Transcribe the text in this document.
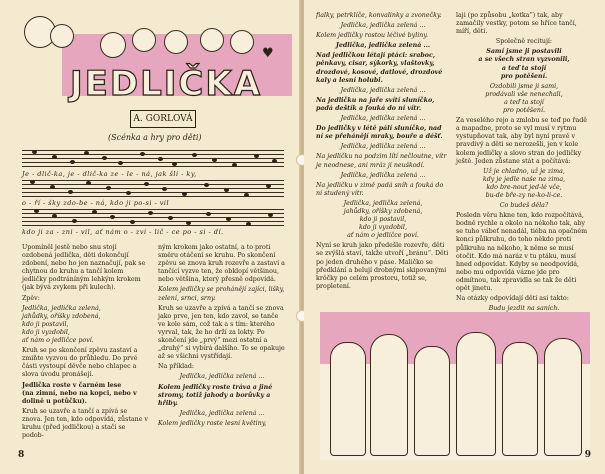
JEDLIČKA
♥
A. GORLOVÁ
(Scénka a hry pro děti)
Je - dlič-ka, je - dlič-ka ze - le - ná, jak šli - ky,
o - ří - šky zdo-be - ná, kdo ji po-si - vil
kdo ji za - zni - vil, ať nám o - zvi - lič - ce po - si - dí.

Upomíněl jestě nebo snu stojí ozdobená jedlička, děti dokončují zdobení, nebo ho jen naznačují, pak se chytnou do kruhu a tančí kolem jedličky podtráníným lehkým krokem (jak bývá zvykem při kulech).

Zpěv:

Jedlička, jedlička zelená,
jahůdky, oříšky zdobená,
kdo ji postavil,
kdo ji vyzdobil,
ať nám o jedličce poví.

Kruh se po skončení zpěvu zastaví a zmiňte vyzvou do průhledu. Do prvé části vystoupí děvče nebo chlapec a slova úvodu pronášejí.

Jedlička roste v čarném lese
(na zimní, nebo na kopci, nebo v dolině u potůčku).

Kruh se uzavře a tančí a zpívá se znova. Jen ten, kdo odpovídá, zůstane v kruhu (před jedličkou) a stačí se podob-

ným krokem jako ostatní, a to proti směru otáčení se kruhu. Po skončení zpěvu se znova kruh rozevře a zastaví a tančící vyzve ten, že obklopí většinou, nebo většina, který přesně odpovídá.

Kolem jedličky se prohánějí zajíci, lišky, zelení, srnci, srny.

Kruh se uzavře a zpívá a tančí se znova jako prve, jen ten, kdo zavol, se tanče ve kole sám, což tak a s tím: kterého vyrval, tak, že ho drží za lokty. Po skončení jde „prvý“ mezi ostatní a „druhý“ si vybírá dalšího. To se opakuje až se všichni vystřídají.

Na příklad:

Jedlička, jedlička zelená ...

Kolem jedličky roste tráva a jiné stromy, totiž jahody a borůvky a hřiby.

Jedlička, jedlička zelená ...

Kolem jedličky roste lesní květiny,

8

fialky, petrklíče, konvalinky a zvonečky.

Jedlička, jedlička zelená ...

Kolem jedličky rostou léčivé byliny.

Jedlička, jedlička zelená ...

Nad jedličkou létají ptáci: sraboc, pěnkavy, cisar, sýkorky, vlaštovky, drozdové, kosové, datlové, drozdové kaly a lesní holubi.

Jedlička, jedlička zelená ...

Na jedličku na jaře svítí sluníčko, padá deštík a fouká do ní vítr.

Jedlička, jedlička zelená ...

Do jedličky v létě pálí sluníčko, nad ní se přehánějí mraky, bouře a déšť.

Jedlička, jedlička zelená ...

Na jedličku na podzim lítí nečloutne, vítr je neodnese, ani mráz ji neuškodí.

Jedlička, jedlička zelená ...

Na jedličku v zimě padá sníh a fouká do ní studený vítr.

Jedlička, jedlička zelená,
jahůdky, oříšky zdobená,
kdo ji postavil,
kdo ji vyzdobil,
ať nám o jedličce poví.

Nyní se kruh jako předešle rozevře, děti se zvýšlá staví, takže utvoří „bránu“. Děti po jeden druhého v páse. Maličko se předklání a belují drobnými skipovanými krôčky po celém prostoru, totiž se, propletení.

laji (po způsobu „kotka“) tak, aby zamačily vestky, potom se hříce tančí, míří, děti.

Společně recitují:

Samí jsme ji postavili
a se všech stran vyzvonili,
a teď ta stojí
pro potěšení.

Ozdobili jsme ji sami,
prodávali vše nenechali,
a teď ta stojí
pro potěšení.

Za veselého rejo a zmlobu se teď po řadě a mapadne, proto se vyl musí v rytmu vystupňovat tak, aby byl nyní pravě v pravdivý a děti se nerozešli, jen v kole kolem jedličky a slovo stran do jedličky ještě. Jeden zůstane stát a počítává:

Už je chladno, už je zima,
kdy je jedle naše na zima,
kdo bre-nout jed-lé vče,
bu-de bře-zy ne-ko-li-ce.

Co budeš děla?

Posledn věru hkne ten, kdo rozpočítává, bodně rychle a okolo na nékoho tak, aby se tuho vábeť nenadál, tiéba na opačném konci půlkruhu, do toho někdo proti půlkruhu na někoho, k něme se musí otočit. Kdo má naráz v tu ptáku, musí hned odpovídat. Kdyby se neodpovídá, nebo mu odpovídá vázne jde pro odmítnou, tak zpravidla se tak že děti opět jinetu.

Na otázky odpovídají děti asi takto:

Budu jezdit na saních.

9
